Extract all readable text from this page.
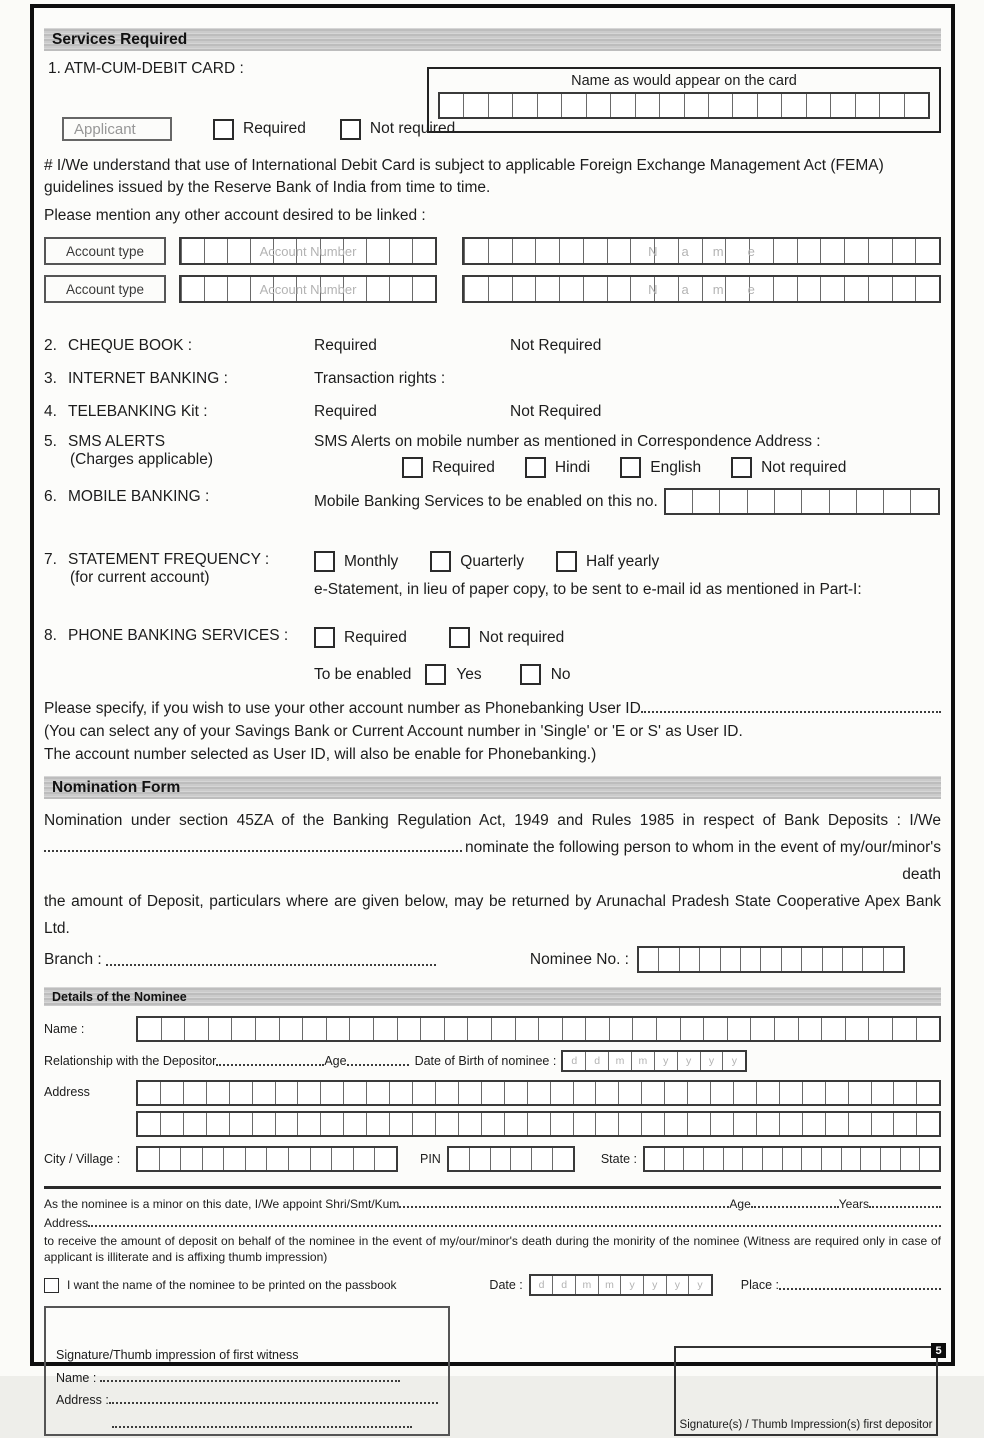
Services Required
1. ATM-CUM-DEBIT CARD :
Applicant	Required	Not required
Name as would appear on the card

# I/We understand that use of International Debit Card is subject to applicable Foreign Exchange Management Act (FEMA) guidelines issued by the Reserve Bank of India from time to time.

Please mention any other account desired to be linked :

Account type	Account Number	Name
Account type	Account Number	Name
2. CHEQUE BOOK :	Required	Not Required
3. INTERNET BANKING :	Transaction rights :
4. TELEBANKING Kit :	Required	Not Required
5. SMS ALERTS
(Charges applicable)
SMS Alerts on mobile number as mentioned in Correspondence Address :
Required	Hindi	English	Not required
6. MOBILE BANKING :	Mobile Banking Services to be enabled on this no.
7. STATEMENT FREQUENCY :
(for current account)
Monthly	Quarterly	Half yearly
e-Statement, in lieu of paper copy, to be sent to e-mail id as mentioned in Part-I:
8. PHONE BANKING SERVICES :	Required	Not required
To be enabled	Yes	No
Please specify, if you wish to use your other account number as Phonebanking User ID
(You can select any of your Savings Bank or Current Account number in 'Single' or 'E or S' as User ID.
The account number selected as User ID, will also be enable for Phonebanking.)
Nomination Form
Nomination under section 45ZA of the Banking Regulation Act, 1949 and Rules 1985 in respect of Bank Deposits : I/We
nominate the following person to whom in the event of my/our/minor's death
the amount of Deposit, particulars where are given below, may be returned by Arunachal Pradesh State Cooperative Apex Bank Ltd.
Branch :	Nominee No. :
Details of the Nominee
Name :
Relationship with the Depositor	Age	Date of Birth of nominee :	d	d	m	m	y	y	y	y
Address
City / Village :	PIN	State :
As the nominee is a minor on this date, I/We appoint Shri/Smt/Kum	Age	Years
Address

to receive the amount of deposit on behalf of the nominee in the event of my/our/minor's death during the monirity of the nominee (Witness are required only in case of applicant is illiterate and is affixing thumb impression)

I want the name of the nominee to be printed on the passbook	Date :	d	d	m	m	y	y	y	y	Place :
Signature/Thumb impression of first witness
Name :
Address :
Signature(s) / Thumb Impression(s) first depositor
5
